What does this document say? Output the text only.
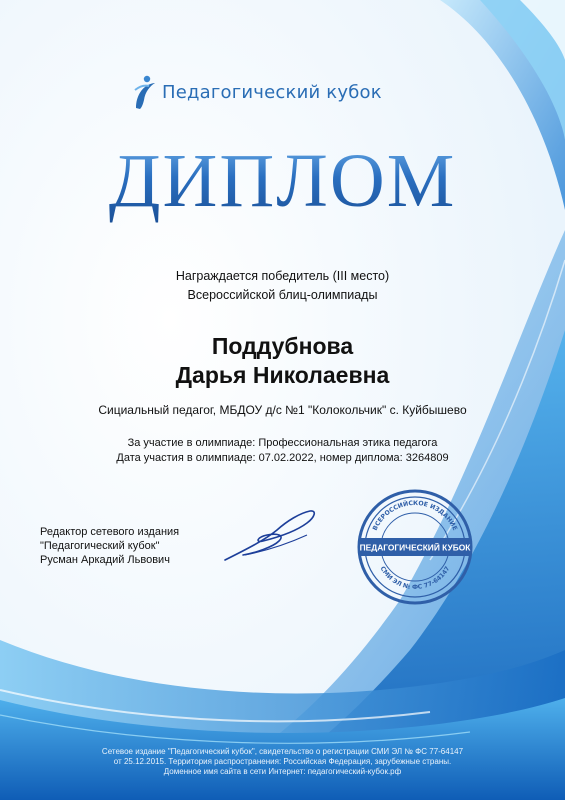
Педагогический кубок
ДИПЛОМ
Награждается победитель (III место)
Всероссийской блиц-олимпиады
Поддубнова
Дарья Николаевна
Сициальный педагог, МБДОУ д/с №1 "Колокольчик" с. Куйбышево
За участие в олимпиаде: Профессиональная этика педагога
Дата участия в олимпиаде: 07.02.2022, номер диплома: 3264809
Редактор сетевого издания
"Педагогический кубок"
Русман Аркадий Львович
ВСЕРОССИЙСКОЕ ИЗДАНИЕ
СМИ ЭЛ № ФС 77-64147
ПЕДАГОГИЧЕСКИЙ КУБОК
Сетевое издание "Педагогический кубок", свидетельство о регистрации СМИ ЭЛ № ФС 77-64147
от 25.12.2015. Территория распространения: Российская Федерация, зарубежные страны.
Доменное имя сайта в сети Интернет: педагогический-кубок.рф
